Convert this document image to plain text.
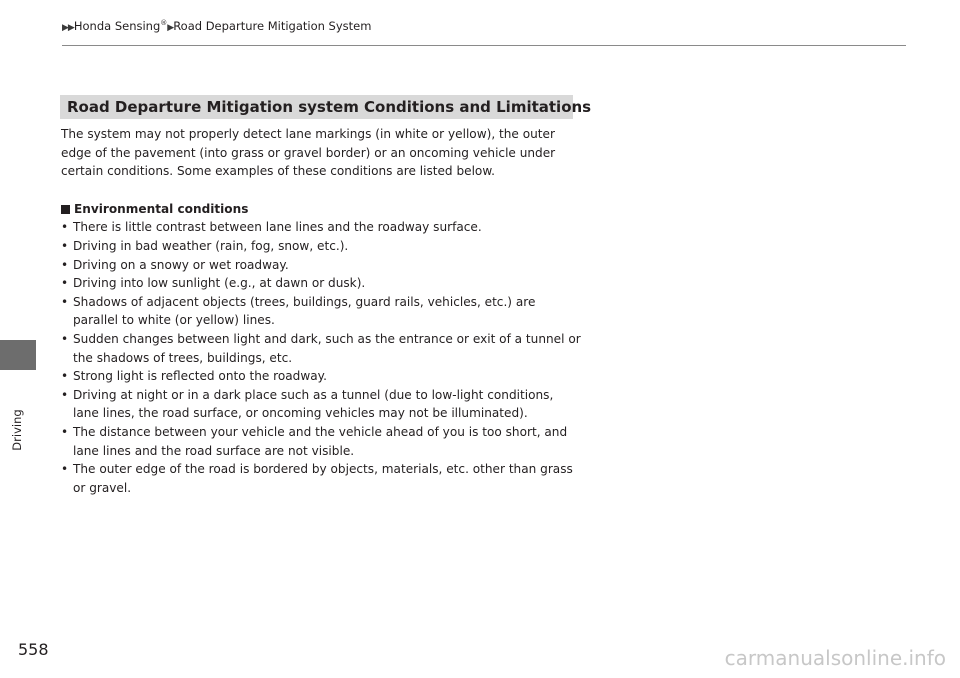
▶▶Honda Sensing®▶Road Departure Mitigation System
Driving
Road Departure Mitigation system Conditions and Limitations

The system may not properly detect lane markings (in white or yellow), the outer edge of the pavement (into grass or gravel border) or an oncoming vehicle under certain conditions. Some examples of these conditions are listed below.

Environmental conditions
• There is little contrast between lane lines and the roadway surface.
• Driving in bad weather (rain, fog, snow, etc.).
• Driving on a snowy or wet roadway.
• Driving into low sunlight (e.g., at dawn or dusk).
• Shadows of adjacent objects (trees, buildings, guard rails, vehicles, etc.) are parallel to white (or yellow) lines.
• Sudden changes between light and dark, such as the entrance or exit of a tunnel or the shadows of trees, buildings, etc.
• Strong light is reflected onto the roadway.
• Driving at night or in a dark place such as a tunnel (due to low-light conditions, lane lines, the road surface, or oncoming vehicles may not be illuminated).
• The distance between your vehicle and the vehicle ahead of you is too short, and lane lines and the road surface are not visible.
• The outer edge of the road is bordered by objects, materials, etc. other than grass or gravel.
558	carmanualsonline.info
